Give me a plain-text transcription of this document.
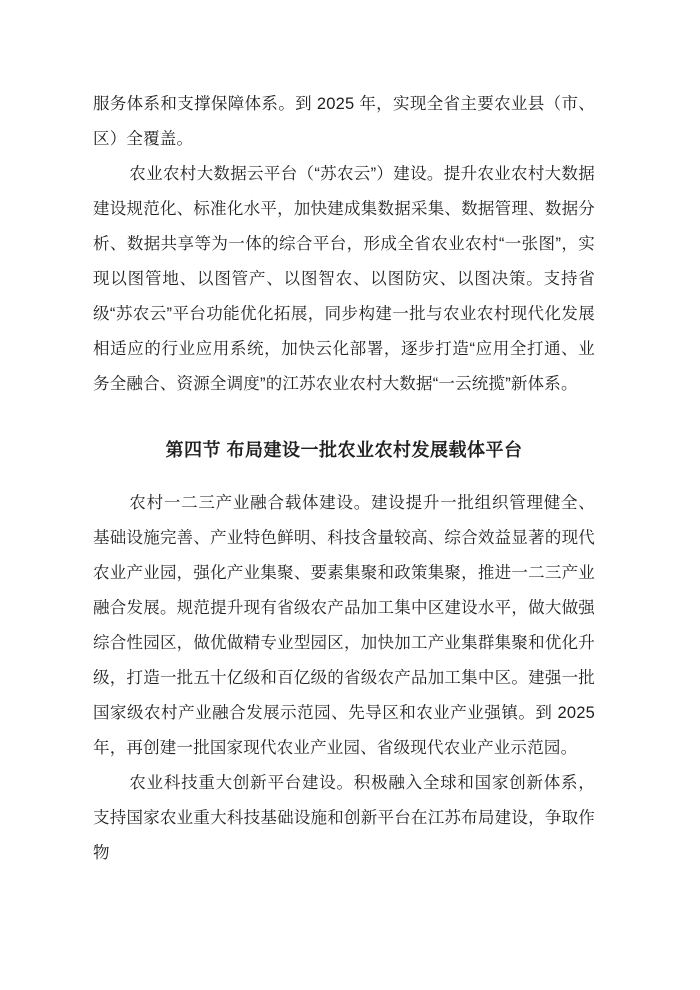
服务体系和支撑保障体系。到 2025 年，实现全省主要农业县（市、区）全覆盖。

农业农村大数据云平台（“苏农云”）建设。提升农业农村大数据建设规范化、标准化水平，加快建成集数据采集、数据管理、数据分析、数据共享等为一体的综合平台，形成全省农业农村“一张图”，实现以图管地、以图管产、以图智农、以图防灾、以图决策。支持省级“苏农云”平台功能优化拓展，同步构建一批与农业农村现代化发展相适应的行业应用系统，加快云化部署，逐步打造“应用全打通、业务全融合、资源全调度”的江苏农业农村大数据“一云统揽”新体系。

第四节 布局建设一批农业农村发展载体平台

农村一二三产业融合载体建设。建设提升一批组织管理健全、基础设施完善、产业特色鲜明、科技含量较高、综合效益显著的现代农业产业园，强化产业集聚、要素集聚和政策集聚，推进一二三产业融合发展。规范提升现有省级农产品加工集中区建设水平，做大做强综合性园区，做优做精专业型园区，加快加工产业集群集聚和优化升级，打造一批五十亿级和百亿级的省级农产品加工集中区。建强一批国家级农村产业融合发展示范园、先导区和农业产业强镇。到 2025 年，再创建一批国家现代农业产业园、省级现代农业产业示范园。

农业科技重大创新平台建设。积极融入全球和国家创新体系，支持国家农业重大科技基础设施和创新平台在江苏布局建设，争取作物
